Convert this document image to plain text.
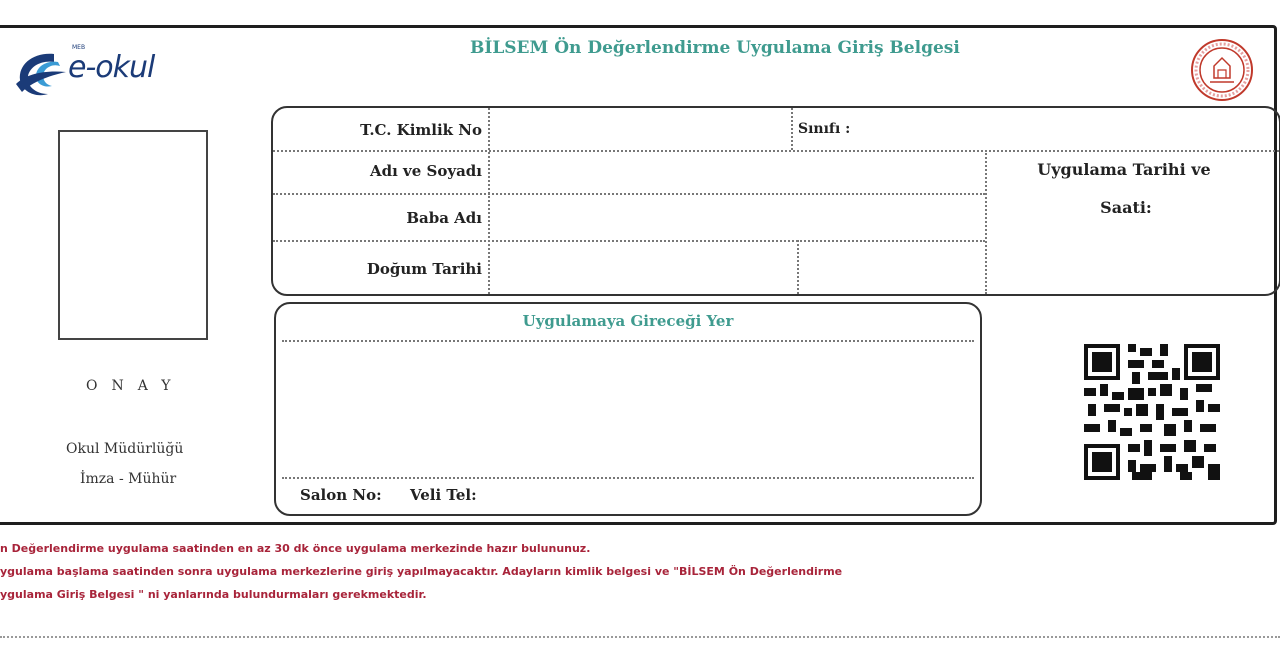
MEB
e-okul
BİLSEM Ön Değerlendirme Uygulama Giriş Belgesi
ONAY
Okul Müdürlüğü
İmza - Mühür
T.C. Kimlik No	Sınıfı :
Adı ve Soyadı
Baba Adı
Doğum Tarihi
Uygulama Tarihi ve
Saati:
Uygulamaya Gireceği Yer
Salon No: Veli Tel:
n Değerlendirme uygulama saatinden en az 30 dk önce uygulama merkezinde hazır bulununuz.
ygulama başlama saatinden sonra uygulama merkezlerine giriş yapılmayacaktır. Adayların kimlik belgesi ve "BİLSEM Ön Değerlendirme
ygulama Giriş Belgesi " ni yanlarında bulundurmaları gerekmektedir.
